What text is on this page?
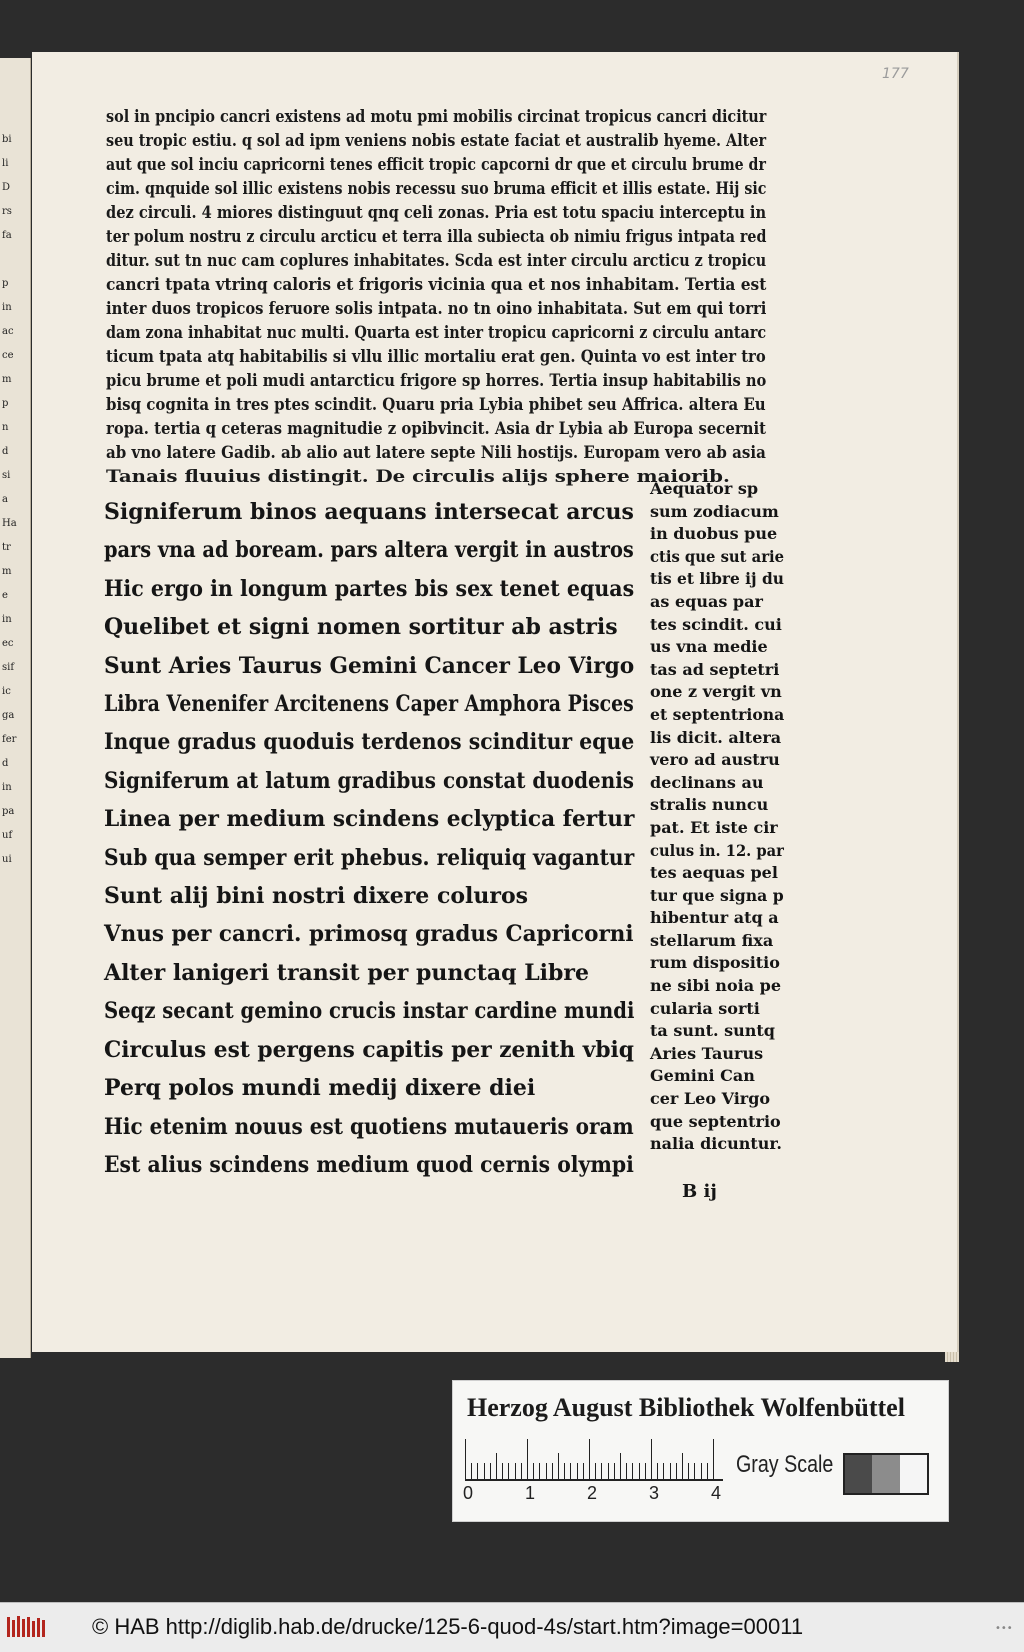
bi
li
D
rs
fa

p
in
ac
ce
m
p
n
d
si
a
Ha
tr
m
e
in
ec
sif
ic
ga
fer
d
in
pa
uf
ui
177
sol in pncipio cancri existens ad motu pmi mobilis circinat tropicus cancri dicitur
seu tropic estiu. q sol ad ipm veniens nobis estate faciat et australib hyeme. Alter
aut que sol inciu capricorni tenes efficit tropic capcorni dr que et circulu brume dr
cim. qnquide sol illic existens nobis recessu suo bruma efficit et illis estate. Hij sic
dez circuli. 4 miores distinguut qnq celi zonas. Pria est totu spaciu interceptu in
ter polum nostru z circulu arcticu et terra illa subiecta ob nimiu frigus intpata red
ditur. sut tn nuc cam coplures inhabitates. Scda est inter circulu arcticu z tropicu
cancri tpata vtrinq caloris et frigoris vicinia qua et nos inhabitam. Tertia est
inter duos tropicos feruore solis intpata. no tn oino inhabitata. Sut em qui torri
dam zona inhabitat nuc multi. Quarta est inter tropicu capricorni z circulu antarc
ticum tpata atq habitabilis si vllu illic mortaliu erat gen. Quinta vo est inter tro
picu brume et poli mudi antarcticu frigore sp horres. Tertia insup habitabilis no
bisq cognita in tres ptes scindit. Quaru pria Lybia phibet seu Affrica. altera Eu
ropa. tertia q ceteras magnitudie z opibvincit. Asia dr Lybia ab Europa secernit
ab vno latere Gadib. ab alio aut latere septe Nili hostijs. Europam vero ab asia
Tanais fluuius distingit. De circulis alijs sphere maiorib.
Signiferum binos aequans intersecat arcus
pars vna ad boream. pars altera vergit in austros
Hic ergo in longum partes bis sex tenet equas
Quelibet et signi nomen sortitur ab astris
Sunt Aries Taurus Gemini Cancer Leo Virgo
Libra Venenifer Arcitenens Caper Amphora Pisces
Inque gradus quoduis terdenos scinditur eque
Signiferum at latum gradibus constat duodenis
Linea per medium scindens eclyptica fertur
Sub qua semper erit phebus. reliquiq vagantur
Sunt alij bini nostri dixere coluros
Vnus per cancri. primosq gradus Capricorni
Alter lanigeri transit per punctaq Libre
Seqz secant gemino crucis instar cardine mundi
Circulus est pergens capitis per zenith vbiq
Perq polos mundi medij dixere diei
Hic etenim nouus est quotiens mutaueris oram
Est alius scindens medium quod cernis olympi
Aequator sp
sum zodiacum
in duobus pue
ctis que sut arie
tis et libre ij du
as equas par
tes scindit. cui
us vna medie
tas ad septetri
one z vergit vn
et septentriona
lis dicit. altera
vero ad austru
declinans au
stralis nuncu
pat. Et iste cir
culus in. 12. par
tes aequas pel
tur que signa p
hibentur atq a
stellarum fixa
rum dispositio
ne sibi noia pe
cularia sorti
ta sunt. suntq
Aries Taurus
Gemini Can
cer Leo Virgo
que septentrio
nalia dicuntur.
B ij
Herzog August Bibliothek Wolfenbüttel
0	1	2	3	4
Gray Scale
© HAB http://diglib.hab.de/drucke/125-6-quod-4s/start.htm?image=00011	•••
